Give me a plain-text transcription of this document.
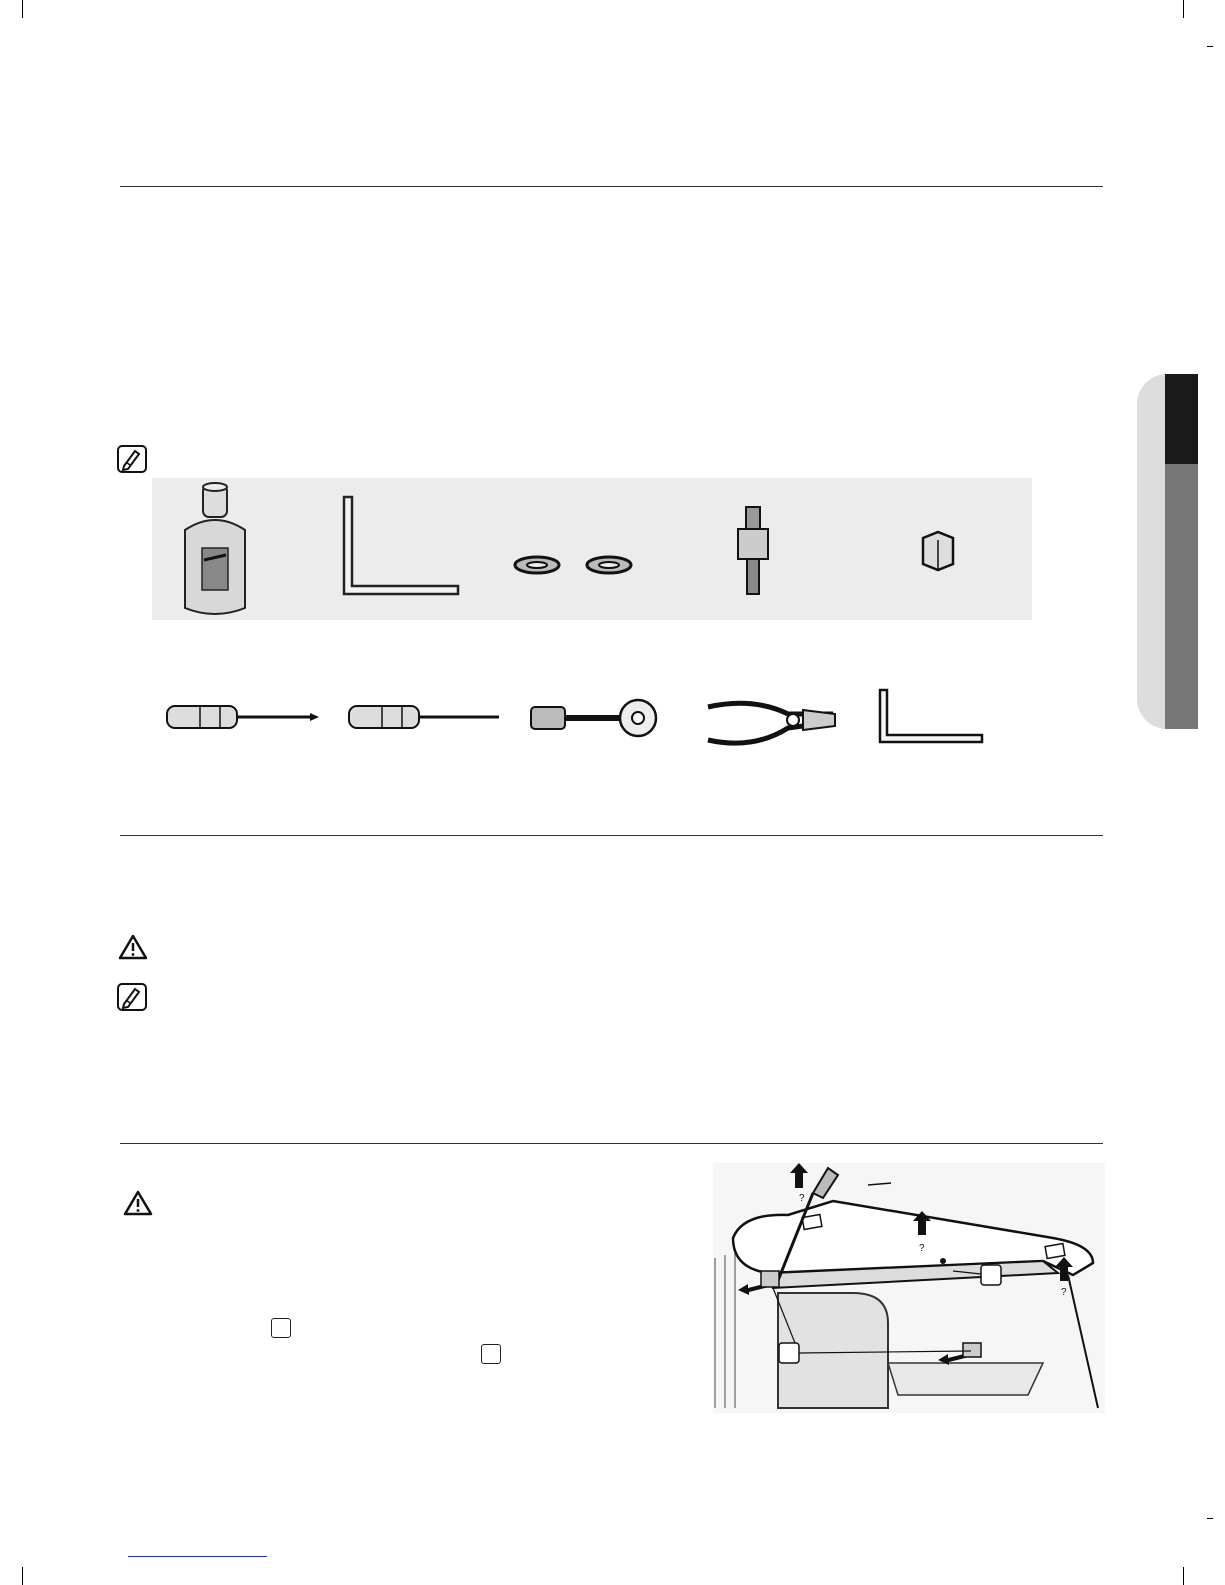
?
?
?
